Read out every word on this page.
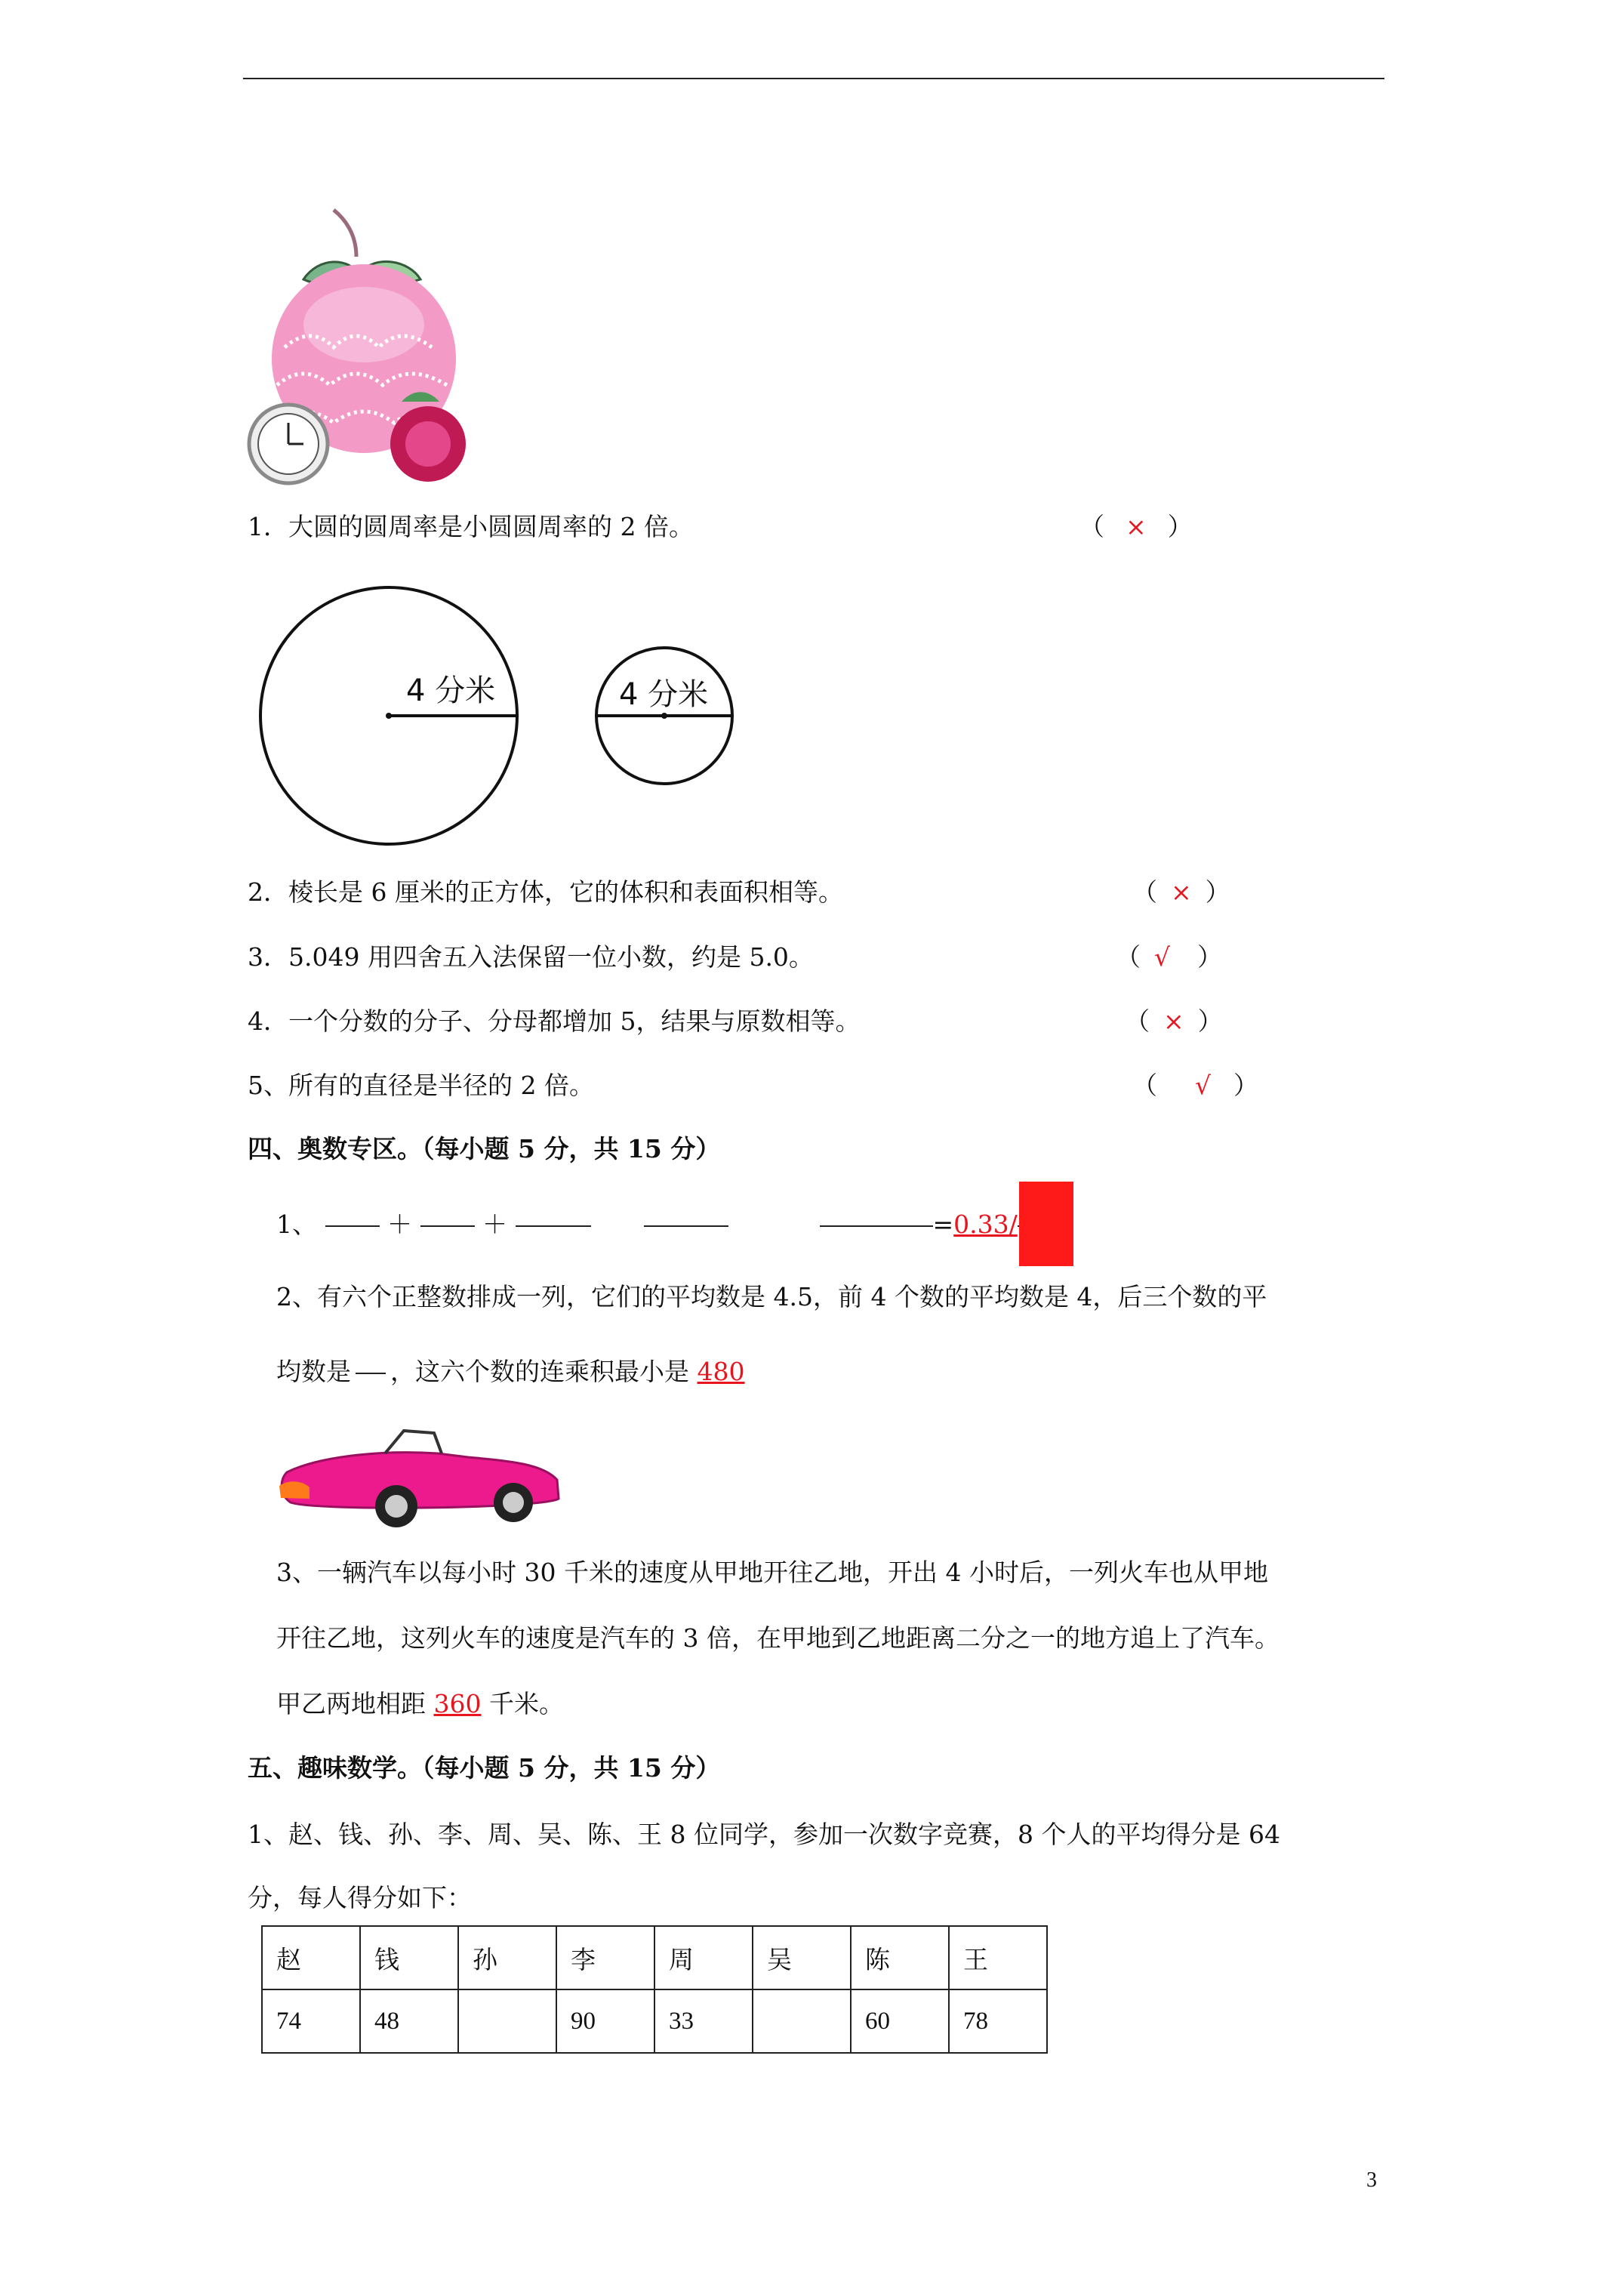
1．大圆的圆周率是小圆圆周率的 2 倍。	（ × ）
4 分米	4 分米
2．棱长是 6 厘米的正方体，它的体积和表面积相等。	（ × ）
3．5.049 用四舍五入法保留一位小数，约是 5.0。	（ √ ）
4．一个分数的分子、分母都增加 5，结果与原数相等。	（ × ）
5、所有的直径是半径的 2 倍。	（ √ ）
四、奥数专区。（每小题 5 分，共 15 分）
1、	＋	＋	=0.33/
2、有六个正整数排成一列，它们的平均数是 4.5，前 4 个数的平均数是 4，后三个数的平
均数是 ，这六个数的连乘积最小是 480
3、一辆汽车以每小时 30 千米的速度从甲地开往乙地，开出 4 小时后，一列火车也从甲地
开往乙地，这列火车的速度是汽车的 3 倍，在甲地到乙地距离二分之一的地方追上了汽车。
甲乙两地相距 360 千米。
五、趣味数学。（每小题 5 分，共 15 分）
1、赵、钱、孙、李、周、吴、陈、王 8 位同学，参加一次数字竞赛，8 个人的平均得分是 64
分，每人得分如下：
赵	钱	孙	李	周	吴	陈	王
74	48		90	33		60	78
3
